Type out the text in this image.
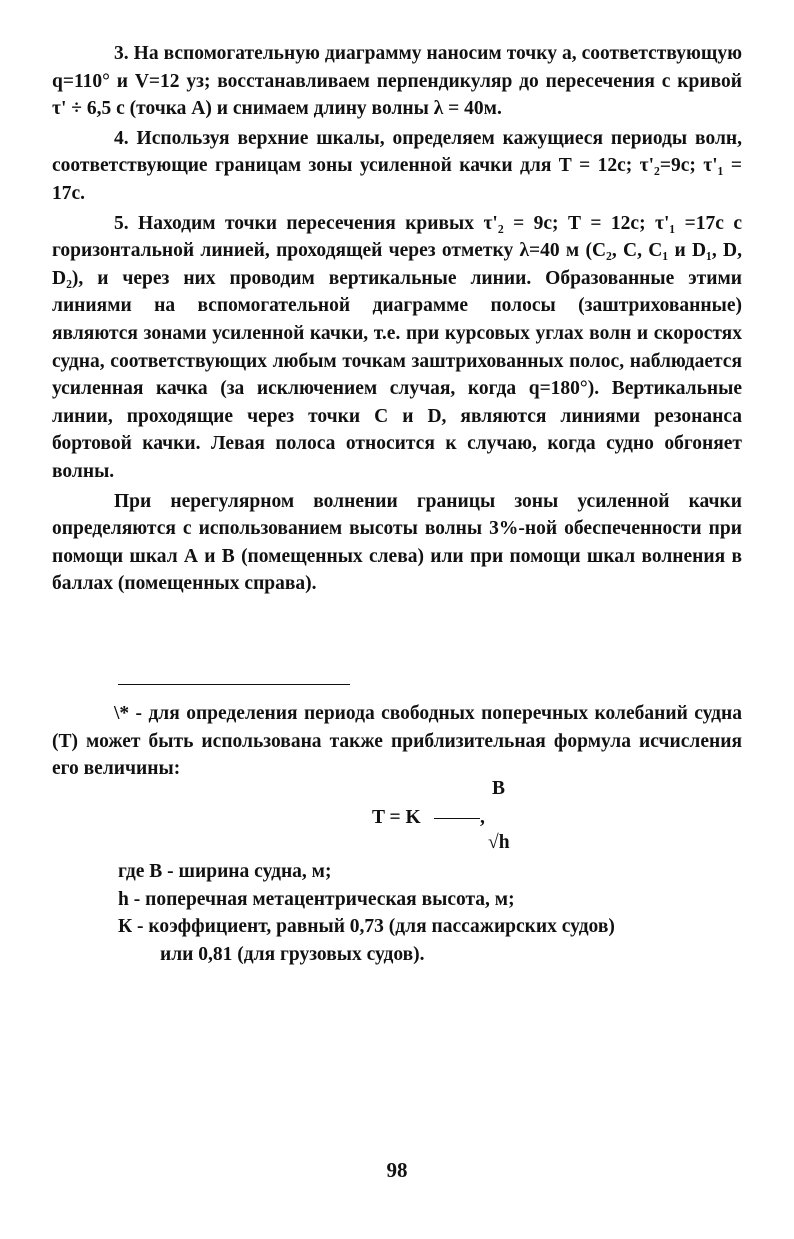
3. На вспомогательную диаграмму наносим точку а, соответствующую q=110° и V=12 уз; восстанавливаем перпендикуляр до пересечения с кривой τ' ÷ 6,5 с (точка А) и снимаем длину волны λ = 40м.

4. Используя верхние шкалы, определяем кажущиеся периоды волн, соответствующие границам зоны усиленной качки для Т = 12с; τ'₂=9с; τ'₁ = 17с.

5. Находим точки пересечения кривых τ'₂ = 9с; Т = 12с; τ'₁ =17с с горизонтальной линией, проходящей через отметку λ=40 м (C₂, C, C₁ и D₁, D, D₂), и через них проводим вертикальные линии. Образованные этими линиями на вспомогательной диаграмме полосы (заштрихованные) являются зонами усиленной качки, т.е. при курсовых углах волн и скоростях судна, соответствующих любым точкам заштрихованных полос, наблюдается усиленная качка (за исключением случая, когда q=180°). Вертикальные линии, проходящие через точки С и D, являются линиями резонанса бортовой качки. Левая полоса относится к случаю, когда судно обгоняет волны.

При нерегулярном волнении границы зоны усиленной качки определяются с использованием высоты волны 3%-ной обеспеченности при помощи шкал А и В (помещенных слева) или при помощи шкал волнения в баллах (помещенных справа).

\* - для определения периода свободных поперечных колебаний судна (Т) может быть использована также приблизительная формула исчисления его величины:

B
T = K	,
√h

где В - ширина судна, м;

h - поперечная метацентрическая высота, м;

К - коэффициент, равный 0,73 (для пассажирских судов)

или 0,81 (для грузовых судов).

98
